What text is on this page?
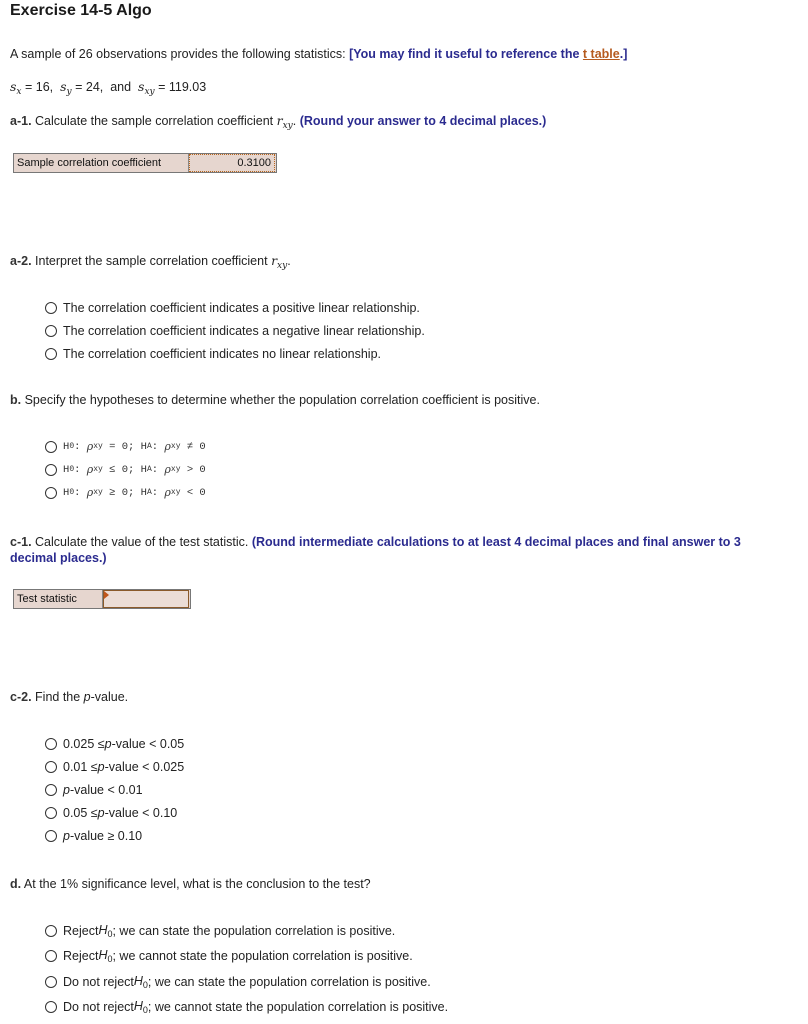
Exercise 14-5 Algo
A sample of 26 observations provides the following statistics: [You may find it useful to reference the t table.]
$s_x = 16$, $s_y = 24$, and $s_{xy} = 119.03$
a-1. Calculate the sample correlation coefficient $r_{xy}$. (Round your answer to 4 decimal places.)
Sample correlation coefficient	0.3100
a-2. Interpret the sample correlation coefficient $r_{xy}$.
The correlation coefficient indicates a positive linear relationship.
The correlation coefficient indicates a negative linear relationship.
The correlation coefficient indicates no linear relationship.
b. Specify the hypotheses to determine whether the population correlation coefficient is positive.
H 0 :
ρ xy
= 0;
H A :
ρ xy
≠ 0
H 0 :
ρ xy
≤ 0;
H A :
ρ xy
> 0
H 0 :
ρ xy
≥ 0;
H A :
ρ xy
< 0
c-1. Calculate the value of the test statistic. (Round intermediate calculations to at least 4 decimal places and final answer to 3
decimal places.)
Test statistic
c-2. Find the p-value.
0.025 ≤ p -value < 0.05
0.01 ≤ p -value < 0.025
p -value < 0.01
0.05 ≤ p -value < 0.10
p -value ≥ 0.10
d. At the 1% significance level, what is the conclusion to the test?
Reject $H_0$ ; we can state the population correlation is positive.
Reject $H_0$ ; we cannot state the population correlation is positive.
Do not reject $H_0$ ; we can state the population correlation is positive.
Do not reject $H_0$ ; we cannot state the population correlation is positive.
